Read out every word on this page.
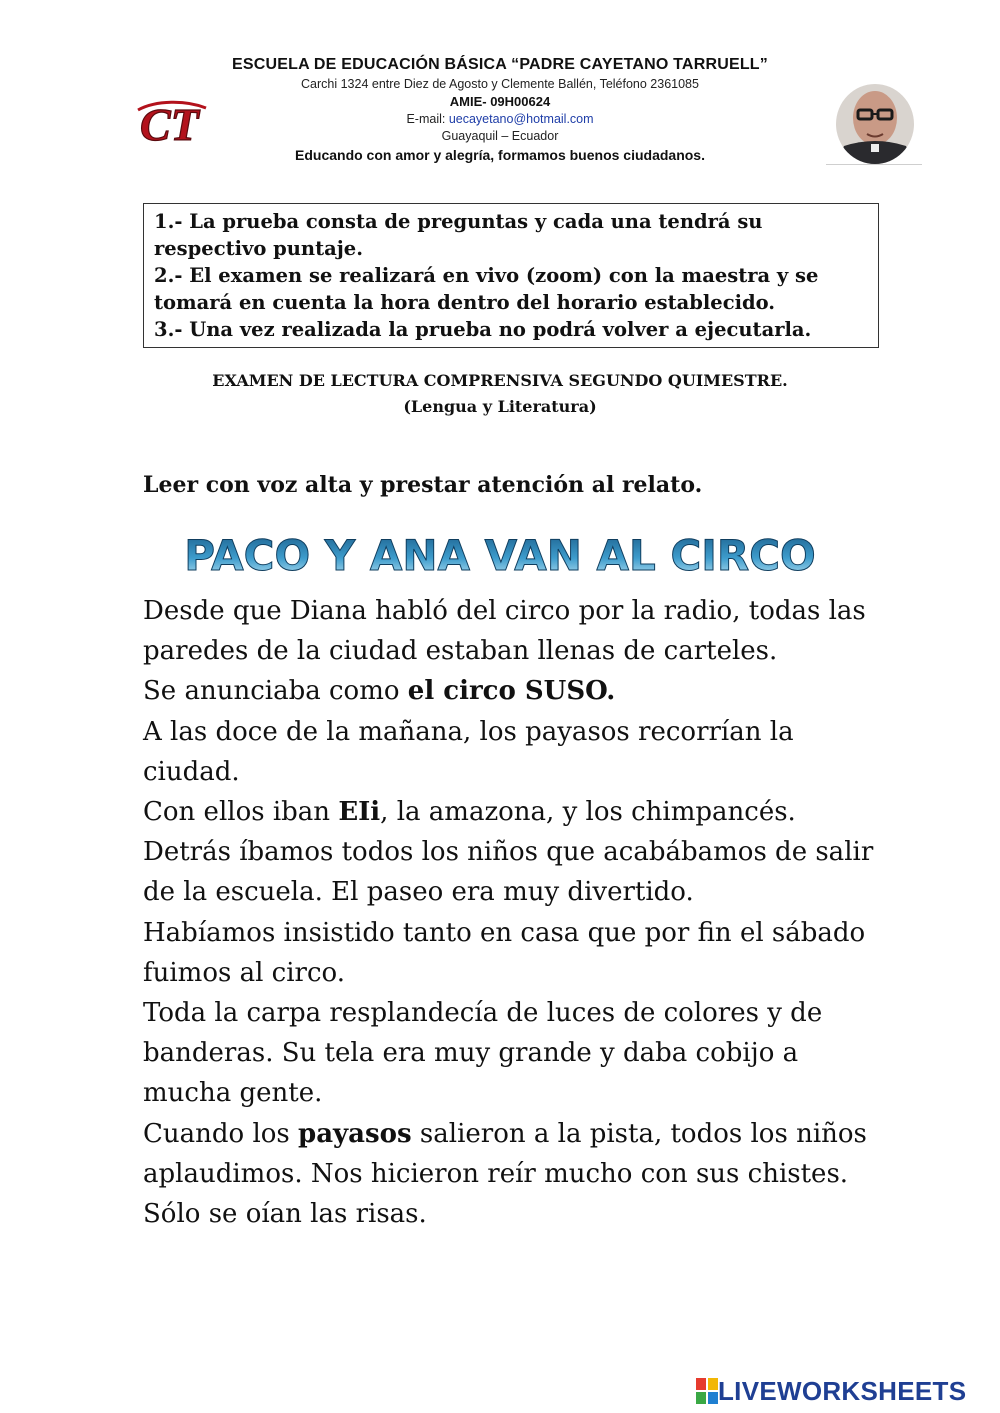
ESCUELA DE EDUCACIÓN BÁSICA “PADRE CAYETANO TARRUELL”
Carchi 1324 entre Diez de Agosto y Clemente Ballén, Teléfono 2361085
AMIE- 09H00624
E-mail: uecayetano@hotmail.com
Guayaquil – Ecuador
Educando con amor y alegría, formamos buenos ciudadanos.
CT

1.- La prueba consta de preguntas y cada una tendrá su respectivo puntaje.

2.- El examen se realizará en vivo (zoom) con la maestra y se tomará en cuenta la hora dentro del horario establecido.

3.- Una vez realizada la prueba no podrá volver a ejecutarla.

EXAMEN DE LECTURA COMPRENSIVA SEGUNDO QUIMESTRE.
(Lengua y Literatura)
Leer con voz alta y prestar atención al relato.
PACO Y ANA VAN AL CIRCO

Desde que Diana habló del circo por la radio, todas las paredes de la ciudad estaban llenas de carteles.

Se anunciaba como el circo SUSO.

A las doce de la mañana, los payasos recorrían la ciudad.

Con ellos iban EIi, la amazona, y los chimpancés. Detrás íbamos todos los niños que acabábamos de salir de la escuela. El paseo era muy divertido.

Habíamos insistido tanto en casa que por fin el sábado fuimos al circo.

Toda la carpa resplandecía de luces de colores y de banderas. Su tela era muy grande y daba cobijo a mucha gente.

Cuando los payasos salieron a la pista, todos los niños aplaudimos. Nos hicieron reír mucho con sus chistes. Sólo se oían las risas.

LIVEWORKSHEETS
